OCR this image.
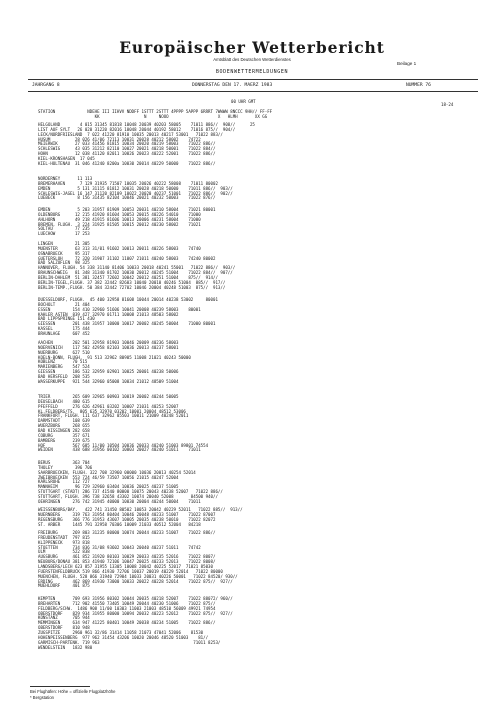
Europäischer Wetterbericht
Amtsblatt des Deutschen Wetterdienstes
Beilage 1
BODENWETTERMELDUNGEN
JAHRGANG 8	DONNERSTAG DEN 17. MAERZ 1983	NUMMER 76
00 UHR GMT
18-24
STATION             NDEHE III IIHVV NDDFF 1STTT 2STTT 4PPPP 5APPP 6RRRT 7WWWW 8NCCC 9HH// FF-FF
KK                  N     NOOO                    X   HLMH       XX GG
HELGOLAND        4 015 31345 81818 10048 20039 40203 58005    71011 886//  908//      25
LIST AUF SYLT   26 020 31220 82016 10048 20044 40192 58012    71016 875//  904//
LECK/NORDFRIESLAND  7 022 41220 81910 10035 20013 40217 53001   71022 883//
HUSUM          28 026 41/06 72113 10031 20028 40212 58002    74722
MEIERWIK       27 033 41456 81815 10034 20020 40219 58003    71022 886//
SCHLESWIG      43 035 31212 82110 10027 20021 40218 50001    71022 884//
HOHN           12 038 41120 82011 10026 20023 40222 52001    71022 886//
KIEL-KRONSHAGEN  17 045
KIEL-HOLTENAU  31 046 41240 8200a 10030 20014 40229 50000    71022 886//
NORDERNEY       11 113
BREMERHAVEN      7 129 31935 71507 10035 20026 40222 58008    71011 80002
EMDEN           5 131 31115 81812 10031 20028 40218 50000    71011 886//  903//
SCHLESWIG-JAGEL 16 147 31120 82109 10022 20020 40237 51001   71022 886//  902//
LUEBECK         8 156 31435 82104 10046 20021 40232 50003    71022 876//
EMDEN           5 203 31957 81909 10053 20031 40210 58004    71021 80001
OLDENBURG      12 215 41920 81604 10053 20015 40226 54010    71000
AHLHORN        49 218 41915 81606 10013 20006 40231 58004    71000
BREMEN, FLUGH.  3 224 31925 81505 10015 20012 40230 58002    71021
SOLTAU         77 235
LUECHOW        17 253
LINGEN         21 305
MUENSTER       63 313 31/01 91602 10013 20011 40226 58003    74740
OSNABRUECK     95 317
GUETERSLOH     72 320 31907 31102 11007 21011 40240 58003    74240 80002
BAD SALZUFLEN  98 325
HANNOVER, FLUGH. 54 338 31140 81406 10033 20018 40241 55001   71022 886//  903//
BRAUNSCHWEIG   81 348 31340 81702 10030 20012 40245 51004    71022 884//  907//
BERLIN-DAHLEM  51 381 32457 72602 10042 20012 40251 51004    875//  914//
BERLIN-TEGEL,FLUGH. 37 382 32442 82603 10040 20010 40246 51004  885//  917//
BERLIN-TEMP.,FLUGH. 50 384 32442 72702 10046 20004 40248 51003  875//  913//
DUESSELDORF, FLUGH.  45 400 32958 81608 10044 20014 40238 53002     80001
BOCHOLT        21 404
ESSEN         154 410 32960 51606 10041 20008 40239 58003    80001
KAHLER ASTEN  839 427 32970 01711 10008 21013 48503 58002
BAD LIPPSPRINGE 151 430
GIESSEN       201 438 31957 10000 10017 20002 40245 50004    71000 80001
KASSEL        175 444
BRAUNLAGE     607 452
AACHEN        202 501 32958 81903 10046 20009 40236 58003
NOERVENICH    117 502 42958 82103 10036 20013 40237 58001
NUERBURG      627 510
KOELN-BONN, FLUGH.  91 513 32962 80905 11008 21021 40243 50000
KOBLENZ       70 515
MARIENBERG    547 524
GIESSEN       186 532 32959 02901 10025 20001 40238 50006
BAD HERSFELD  208 535
WASSERKUPPE   921 544 32960 05008 10034 21012 48509 51004
TRIER         265 609 32965 00903 10019 20002 40244 50005
DEUSELBACH    480 615
PFEFFELD      276 626 42961 03202 10007 21031 40253 52007
KL.FELDBERG/TS.  805 635 32970 03202 10001 20004 48512 53006
FRANKFURT, FLUGH. 111 637 32962 05503 10011 21009 40248 52011
DARMSTADT     108 639
WUERZBURG     268 655
BAD KISSINGEN 282 658
COBURG        357 671
BAMBERG       239 675
HOF           567 685 11/00 10504 10036 20033 40240 51003 89801 74554
WEIDEN        438 688 31956 00102 10003 20027 40240 51011    71011
BERUS         363 704
THOLEY         396 706
SAARBRUECKEN, FLUGH. 322 708 32960 00000 10036 20013 40254 52014
ZWEIBRUECKEN  553 724 46/59 73507 10056 21015 40247 52004
KARLSRUHE     112 727
MANNHEIM       96 729 32960 03404 10036 20025 40237 51005
STUTTGART (STADT) 286 737 41540 80000 10075 20043 40238 52007   71022 886//
STUTTGART, FLUGH. 396 738 32658 43302 10074 20040 52008       84500 940//
OEHRINGEN     276 742 31945 40000 10030 20004 40244 50004    71011
WEISSENBURG/BAY.   422 741 31450 80502 10053 20042 40229 52011   71022 885//  913//
NUERNBERG     319 763 31954 80404 10046 20048 40233 51007    71022 87007
REGENSBURG    366 776 31953 43607 10005 20035 40238 50010    71022 82072
ST. ARBER     1445 791 32958 70306 10009 21033 40512 52004   84218
FREIBURG      269 803 31235 80000 10074 20044 40233 51007    71022 886//
FREUDENSTADT  797 815
KLIPPENECK    973 818
STOETTEN      734 836 31/08 93602 10043 20040 40237 51011    74742
ULM           522 838
AUGSBURG      461 852 31920 80103 10029 20033 40235 52016    71022 8007/
NEUBURG/DONAU 381 853 41940 72106 10047 20025 40233 52013    71022 8008/
LANDSBERG/LECH 623 857 31955 13305 10008 20042 40225 52017  71021 85030
FUERSTENFELDBRUCK 519 866 41930 72706 10037 20019 40229 52014   71022 80000
MUENCHEN, FLUGH. 528 866 31940 72904 10033 20031 40226 50001   71022 84520/ 930//
ERDING        462 869 41930 73000 10033 20022 40228 52014    71022 875//  927//
MUEHLDORF     401 875
KEMPTEN       709 693 31956 80302 10044 20035 40218 52007    71022 88072/ 960//
BREHARTEN     712 902 41550 73405 10049 20044 40230 51006    71022 875//
FELDBERG/SCHW.  1486 908 11/00 10303 11003 21003 48510 56009 49921 74954
OBERSTDORF    829 934 31955 80000 10094 20032 40223 52012    71022 875//  927//
KONSTANZ      705 944
MEMMINGEN     634 947 41225 80401 10049 20038 40234 51005    71022 886//
OBERSTDORF    810 948
ZUGSPITZE     2960 961 32/86 31414 11058 21073 47041 52006    81530
HOHENPEISSENBERG  977 962 31454 43206 10020 20046 48520 51003    81//
GARMISCH-PARTENK. 719 963                                      71011 8253/
WENDELSTEIN   1832 980
Bei Flughäfen: Höhe = offizielle Flugplatzhöhe
* Bergstation
